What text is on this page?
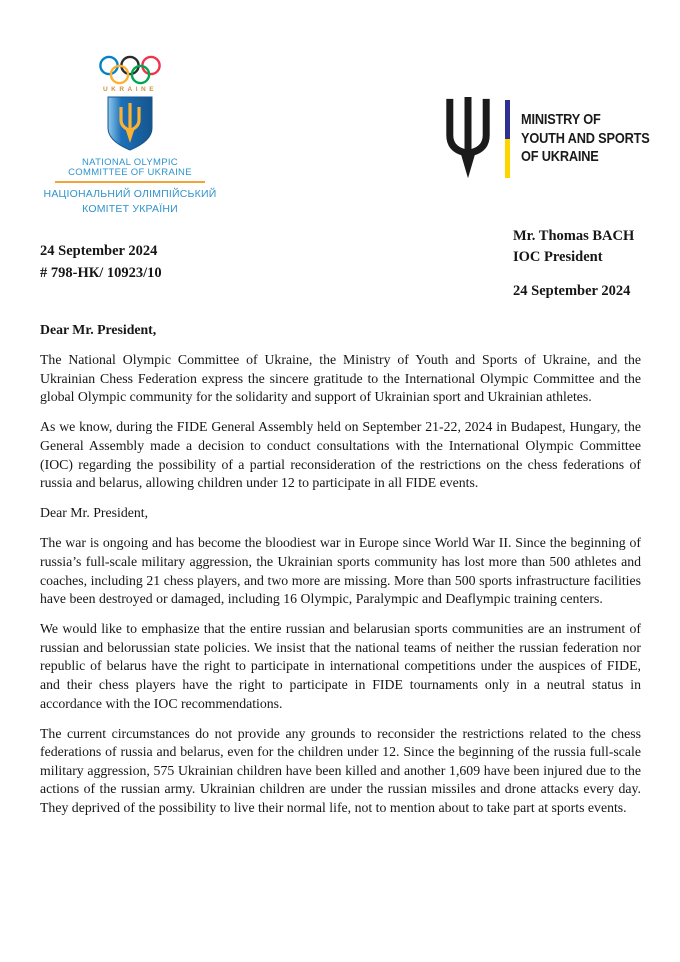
UKRAINE
NATIONAL OLYMPIC
COMMITTEE OF UKRAINE
НАЦІОНАЛЬНИЙ ОЛІМПІЙСЬКИЙ
КОМІТЕТ УКРАЇНИ
MINISTRY OF
YOUTH AND SPORTS
OF UKRAINE
24 September 2024
# 798-НК/ 10923/10
Mr. Thomas BACH
IOC President
24 September 2024

Dear Mr. President,

The National Olympic Committee of Ukraine, the Ministry of Youth and Sports of Ukraine, and the Ukrainian Chess Federation express the sincere gratitude to the International Olympic Committee and the global Olympic community for the solidarity and support of Ukrainian sport and Ukrainian athletes.

As we know, during the FIDE General Assembly held on September 21-22, 2024 in Budapest, Hungary, the General Assembly made a decision to conduct consultations with the International Olympic Committee (IOC) regarding the possibility of a partial reconsideration of the restrictions on the chess federations of russia and belarus, allowing children under 12 to participate in all FIDE events.

Dear Mr. President,

The war is ongoing and has become the bloodiest war in Europe since World War II. Since the beginning of russia’s full-scale military aggression, the Ukrainian sports community has lost more than 500 athletes and coaches, including 21 chess players, and two more are missing. More than 500 sports infrastructure facilities have been destroyed or damaged, including 16 Olympic, Paralympic and Deaflympic training centers.

We would like to emphasize that the entire russian and belarusian sports communities are an instrument of russian and belorussian state policies. We insist that the national teams of neither the russian federation nor republic of belarus have the right to participate in international competitions under the auspices of FIDE, and their chess players have the right to participate in FIDE tournaments only in a neutral status in accordance with the IOC recommendations.

The current circumstances do not provide any grounds to reconsider the restrictions related to the chess federations of russia and belarus, even for the children under 12. Since the beginning of the russia full-scale military aggression, 575 Ukrainian children have been killed and another 1,609 have been injured due to the actions of the russian army. Ukrainian children are under the russian missiles and drone attacks every day. They deprived of the possibility to live their normal life, not to mention about to take part at sports events.
